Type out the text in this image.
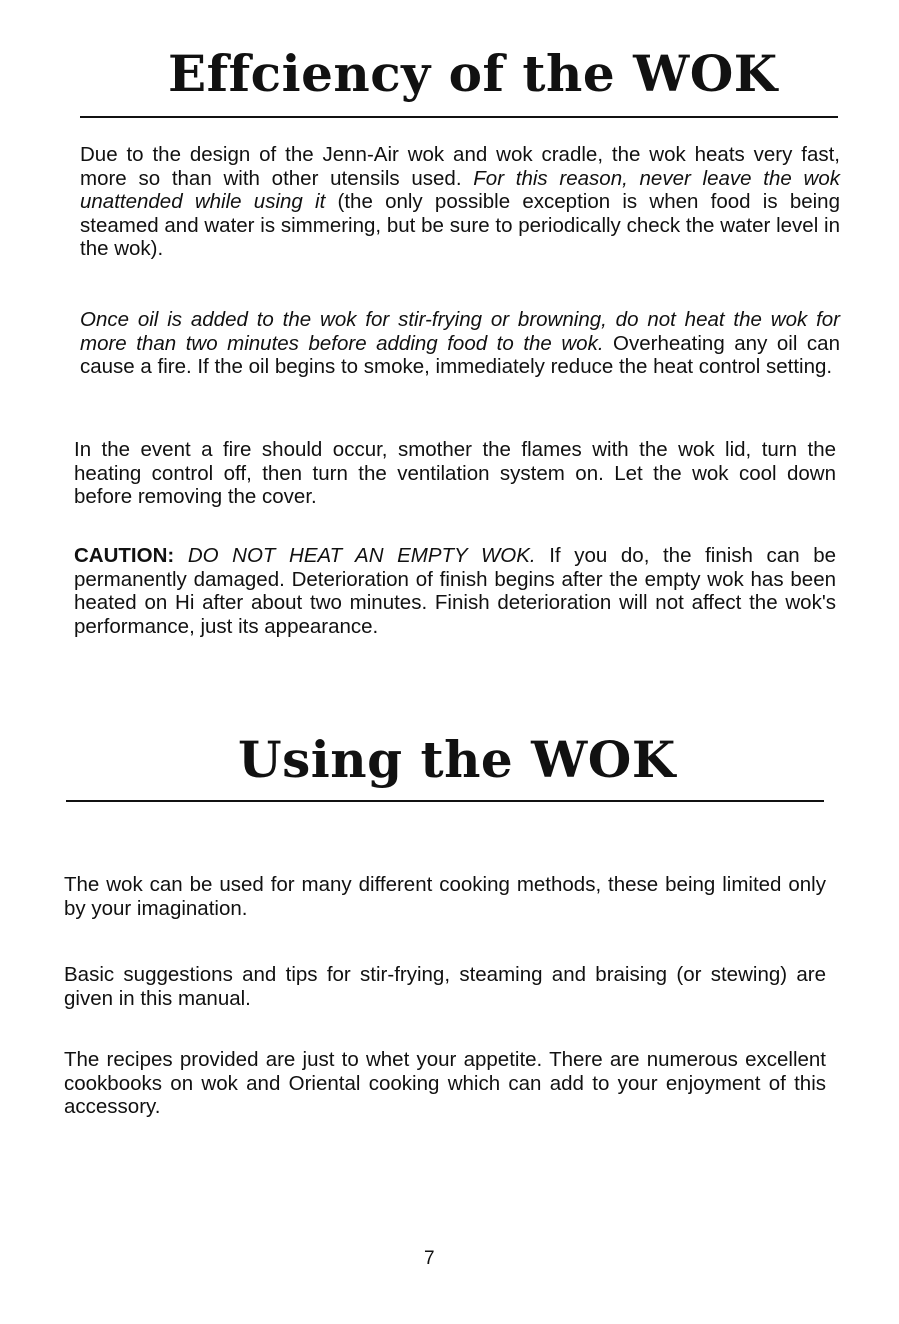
Effciency of the WOK

Due to the design of the Jenn-Air wok and wok cradle, the wok heats very fast, more so than with other utensils used. For this reason, never leave the wok unattended while using it (the only possible exception is when food is being steamed and water is simmering, but be sure to periodically check the water level in the wok).

Once oil is added to the wok for stir-frying or browning, do not heat the wok for more than two minutes before adding food to the wok. Overheating any oil can cause a fire. If the oil begins to smoke, immediately reduce the heat control setting.

In the event a fire should occur, smother the flames with the wok lid, turn the heating control off, then turn the ventilation system on. Let the wok cool down before removing the cover.

CAUTION: DO NOT HEAT AN EMPTY WOK. If you do, the finish can be permanently damaged. Deterioration of finish begins after the empty wok has been heated on Hi after about two minutes. Finish deterioration will not affect the wok's performance, just its appearance.

Using the WOK

The wok can be used for many different cooking methods, these being limited only by your imagination.

Basic suggestions and tips for stir-frying, steaming and braising (or stewing) are given in this manual.

The recipes provided are just to whet your appetite. There are numerous excellent cookbooks on wok and Oriental cooking which can add to your enjoyment of this accessory.

7
